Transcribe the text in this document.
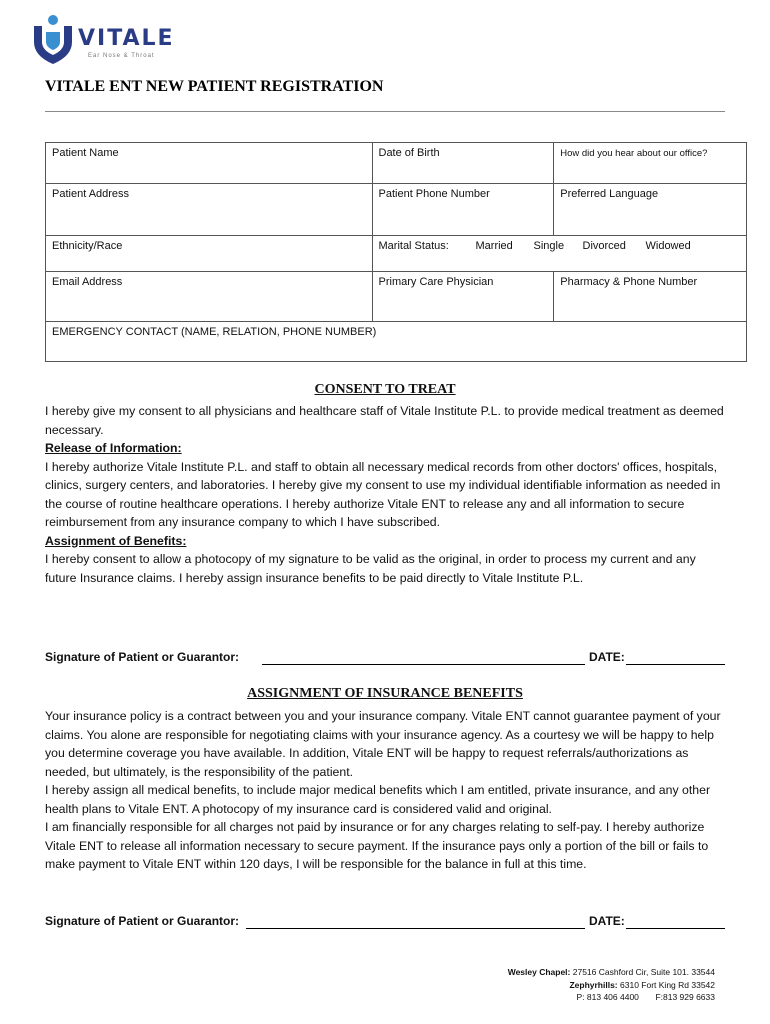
VITALE
Ear Nose & Throat
VITALE ENT NEW PATIENT REGISTRATION
Patient Name	Date of Birth	How did you hear about our office?
Patient Address	Patient Phone Number	Preferred Language
Ethnicity/Race	Marital Status: Married Single Divorced Widowed	

Email Address	Primary Care Physician	Pharmacy & Phone Number
EMERGENCY CONTACT (NAME, RELATION, PHONE NUMBER)		
CONSENT TO TREAT

I hereby give my consent to all physicians and healthcare staff of Vitale Institute P.L. to provide medical treatment as deemed necessary.

Release of Information:

I hereby authorize Vitale Institute P.L. and staff to obtain all necessary medical records from other doctors' offices, hospitals, clinics, surgery centers, and laboratories. I hereby give my consent to use my individual identifiable information as needed in the course of routine healthcare operations. I hereby authorize Vitale ENT to release any and all information to secure reimbursement from any insurance company to which I have subscribed.

Assignment of Benefits:

I hereby consent to allow a photocopy of my signature to be valid as the original, in order to process my current and any future Insurance claims. I hereby assign insurance benefits to be paid directly to Vitale Institute P.L.

Signature of Patient or Guarantor:	DATE:
ASSIGNMENT OF INSURANCE BENEFITS

Your insurance policy is a contract between you and your insurance company. Vitale ENT cannot guarantee payment of your claims. You alone are responsible for negotiating claims with your insurance agency. As a courtesy we will be happy to help you determine coverage you have available. In addition, Vitale ENT will be happy to request referrals/authorizations as needed, but ultimately, is the responsibility of the patient.

I hereby assign all medical benefits, to include major medical benefits which I am entitled, private insurance, and any other health plans to Vitale ENT. A photocopy of my insurance card is considered valid and original.

I am financially responsible for all charges not paid by insurance or for any charges relating to self-pay. I hereby authorize Vitale ENT to release all information necessary to secure payment. If the insurance pays only a portion of the bill or fails to make payment to Vitale ENT within 120 days, I will be responsible for the balance in full at this time.

Signature of Patient or Guarantor:	DATE:
Wesley Chapel: 27516 Cashford Cir, Suite 101. 33544
Zephyrhills: 6310 Fort King Rd 33542
P: 813 406 4400 F:813 929 6633
